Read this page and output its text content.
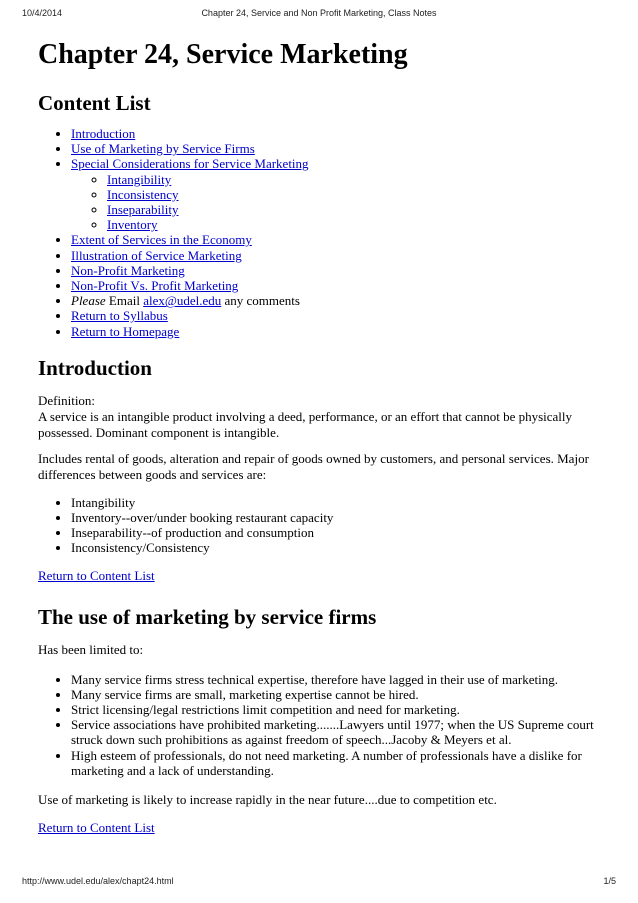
10/4/2014	Chapter 24, Service and Non Profit Marketing, Class Notes
Chapter 24, Service Marketing
Content List
• Introduction
• Use of Marketing by Service Firms
• Special Considerations for Service Marketing
◦ Intangibility
◦ Inconsistency
◦ Inseparability
◦ Inventory
• Extent of Services in the Economy
• Illustration of Service Marketing
• Non-Profit Marketing
• Non-Profit Vs. Profit Marketing
• Please Email alex@udel.edu any comments
• Return to Syllabus
• Return to Homepage
Introduction

Definition:

A service is an intangible product involving a deed, performance, or an effort that cannot be physically possessed. Dominant component is intangible.

Includes rental of goods, alteration and repair of goods owned by customers, and personal services. Major differences between goods and services are:

• Intangibility
• Inventory--over/under booking restaurant capacity
• Inseparability--of production and consumption
• Inconsistency/Consistency

Return to Content List

The use of marketing by service firms

Has been limited to:

• Many service firms stress technical expertise, therefore have lagged in their use of marketing.
• Many service firms are small, marketing expertise cannot be hired.
• Strict licensing/legal restrictions limit competition and need for marketing.
• Service associations have prohibited marketing.......Lawyers until 1977; when the US Supreme court struck down such prohibitions as against freedom of speech...Jacoby & Meyers et al.
• High esteem of professionals, do not need marketing. A number of professionals have a dislike for marketing and a lack of understanding.

Use of marketing is likely to increase rapidly in the near future....due to competition etc.

Return to Content List

http://www.udel.edu/alex/chapt24.html	1/5
